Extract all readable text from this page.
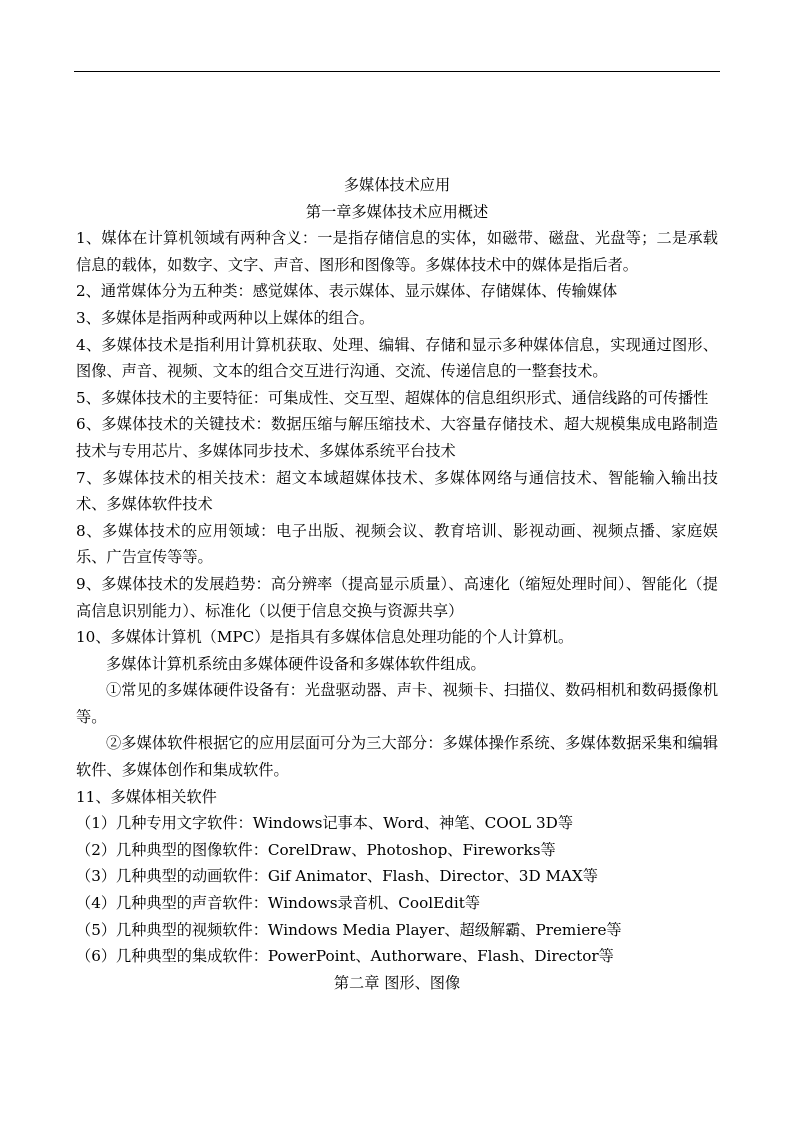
多媒体技术应用

第一章多媒体技术应用概述

1、媒体在计算机领域有两种含义：一是指存储信息的实体，如磁带、磁盘、光盘等；二是承载信息的载体，如数字、文字、声音、图形和图像等。多媒体技术中的媒体是指后者。

2、通常媒体分为五种类：感觉媒体、表示媒体、显示媒体、存储媒体、传输媒体

3、多媒体是指两种或两种以上媒体的组合。

4、多媒体技术是指利用计算机获取、处理、编辑、存储和显示多种媒体信息，实现通过图形、图像、声音、视频、文本的组合交互进行沟通、交流、传递信息的一整套技术。

5、多媒体技术的主要特征：可集成性、交互型、超媒体的信息组织形式、通信线路的可传播性

6、多媒体技术的关键技术：数据压缩与解压缩技术、大容量存储技术、超大规模集成电路制造技术与专用芯片、多媒体同步技术、多媒体系统平台技术

7、多媒体技术的相关技术：超文本域超媒体技术、多媒体网络与通信技术、智能输入输出技术、多媒体软件技术

8、多媒体技术的应用领域：电子出版、视频会议、教育培训、影视动画、视频点播、家庭娱乐、广告宣传等等。

9、多媒体技术的发展趋势：高分辨率（提高显示质量）、高速化（缩短处理时间）、智能化（提高信息识别能力）、标准化（以便于信息交换与资源共享）

10、多媒体计算机（MPC）是指具有多媒体信息处理功能的个人计算机。

多媒体计算机系统由多媒体硬件设备和多媒体软件组成。

①常见的多媒体硬件设备有：光盘驱动器、声卡、视频卡、扫描仪、数码相机和数码摄像机等。

②多媒体软件根据它的应用层面可分为三大部分：多媒体操作系统、多媒体数据采集和编辑软件、多媒体创作和集成软件。

11、多媒体相关软件

（1）几种专用文字软件：Windows记事本、Word、神笔、COOL 3D等

（2）几种典型的图像软件：CorelDraw、Photoshop、Fireworks等

（3）几种典型的动画软件：Gif Animator、Flash、Director、3D MAX等

（4）几种典型的声音软件：Windows录音机、CoolEdit等

（5）几种典型的视频软件：Windows Media Player、超级解霸、Premiere等

（6）几种典型的集成软件：PowerPoint、Authorware、Flash、Director等

第二章 图形、图像
